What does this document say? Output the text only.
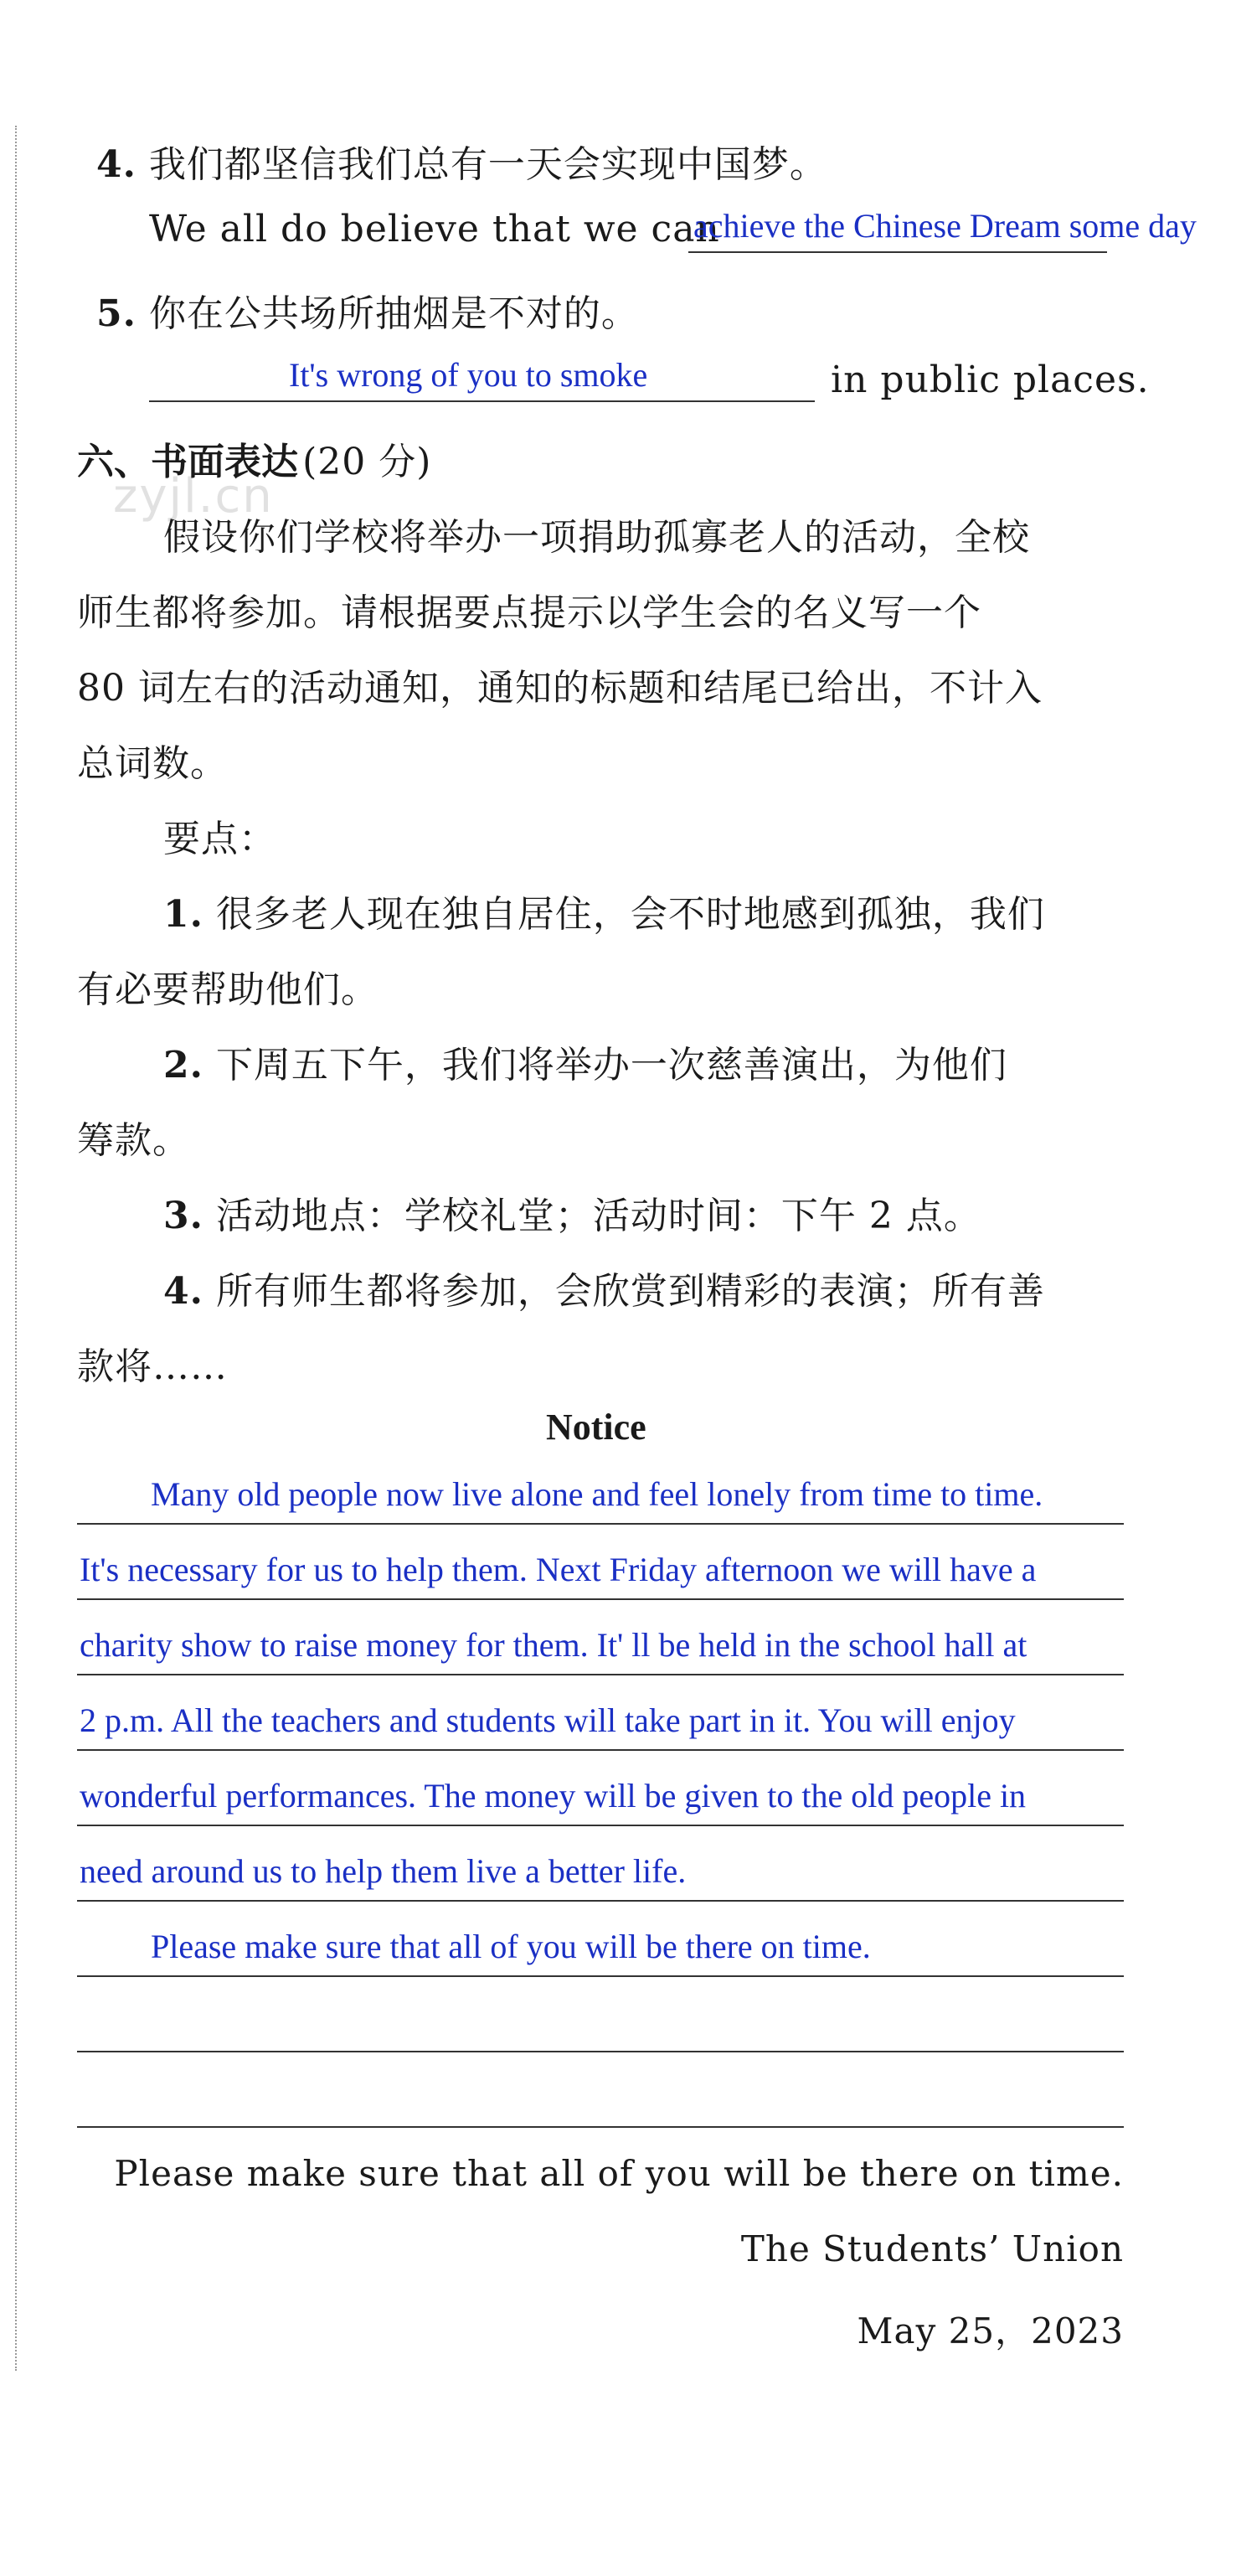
zyjl.cn
4. 我们都坚信我们总有一天会实现中国梦。
We all do believe that we can
achieve the Chinese Dream some day
5. 你在公共场所抽烟是不对的。
It's wrong of you to smoke	in public places.
六、书面表达 (20 分)
假设你们学校将举办一项捐助孤寡老人的活动，全校
师生都将参加。请根据要点提示以学生会的名义写一个
80 词左右的活动通知，通知的标题和结尾已给出，不计入
总词数。
要点：
1. 很多老人现在独自居住，会不时地感到孤独，我们
有必要帮助他们。
2. 下周五下午，我们将举办一次慈善演出，为他们
筹款。
3. 活动地点：学校礼堂；活动时间：下午 2 点。
4. 所有师生都将参加，会欣赏到精彩的表演；所有善
款将……
Notice
Many old people now live alone and feel lonely from time to time.
It's necessary for us to help them. Next Friday afternoon we will have a
charity show to raise money for them. It' ll be held in the school hall at
2 p.m. All the teachers and students will take part in it. You will enjoy
wonderful performances. The money will be given to the old people in
need around us to help them live a better life.
Please make sure that all of you will be there on time.
Please make sure that all of you will be there on time.
The Students’ Union
May 25，2023
